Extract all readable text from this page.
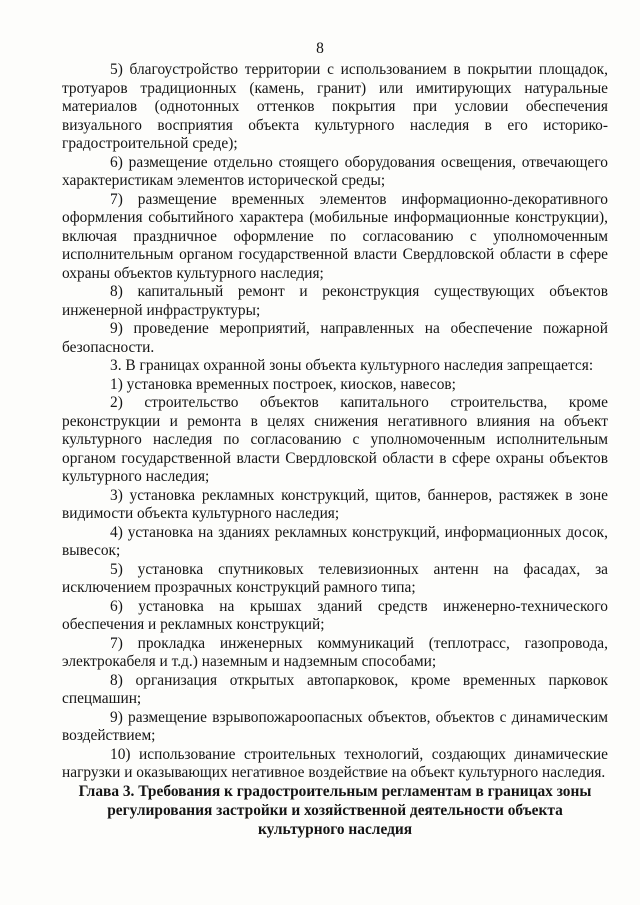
8

5) благоустройство территории с использованием в покрытии площадок, тротуаров традиционных (камень, гранит) или имитирующих натуральные материалов (однотонных оттенков покрытия при условии обеспечения визуального восприятия объекта культурного наследия в его историко-градостроительной среде);

6) размещение отдельно стоящего оборудования освещения, отвечающего характеристикам элементов исторической среды;

7) размещение временных элементов информационно-декоративного оформления событийного характера (мобильные информационные конструкции), включая праздничное оформление по согласованию с уполномоченным исполнительным органом государственной власти Свердловской области в сфере охраны объектов культурного наследия;

8) капитальный ремонт и реконструкция существующих объектов инженерной инфраструктуры;

9) проведение мероприятий, направленных на обеспечение пожарной безопасности.

3. В границах охранной зоны объекта культурного наследия запрещается:

1) установка временных построек, киосков, навесов;

2) строительство объектов капитального строительства, кроме реконструкции и ремонта в целях снижения негативного влияния на объект культурного наследия по согласованию с уполномоченным исполнительным органом государственной власти Свердловской области в сфере охраны объектов культурного наследия;

3) установка рекламных конструкций, щитов, баннеров, растяжек в зоне видимости объекта культурного наследия;

4) установка на зданиях рекламных конструкций, информационных досок, вывесок;

5) установка спутниковых телевизионных антенн на фасадах, за исключением прозрачных конструкций рамного типа;

6) установка на крышах зданий средств инженерно-технического обеспечения и рекламных конструкций;

7) прокладка инженерных коммуникаций (теплотрасс, газопровода, электрокабеля и т.д.) наземным и надземным способами;

8) организация открытых автопарковок, кроме временных парковок спецмашин;

9) размещение взрывопожароопасных объектов, объектов с динамическим воздействием;

10) использование строительных технологий, создающих динамические нагрузки и оказывающих негативное воздействие на объект культурного наследия.

Глава 3. Требования к градостроительным регламентам в границах зоны
регулирования застройки и хозяйственной деятельности объекта
культурного наследия
